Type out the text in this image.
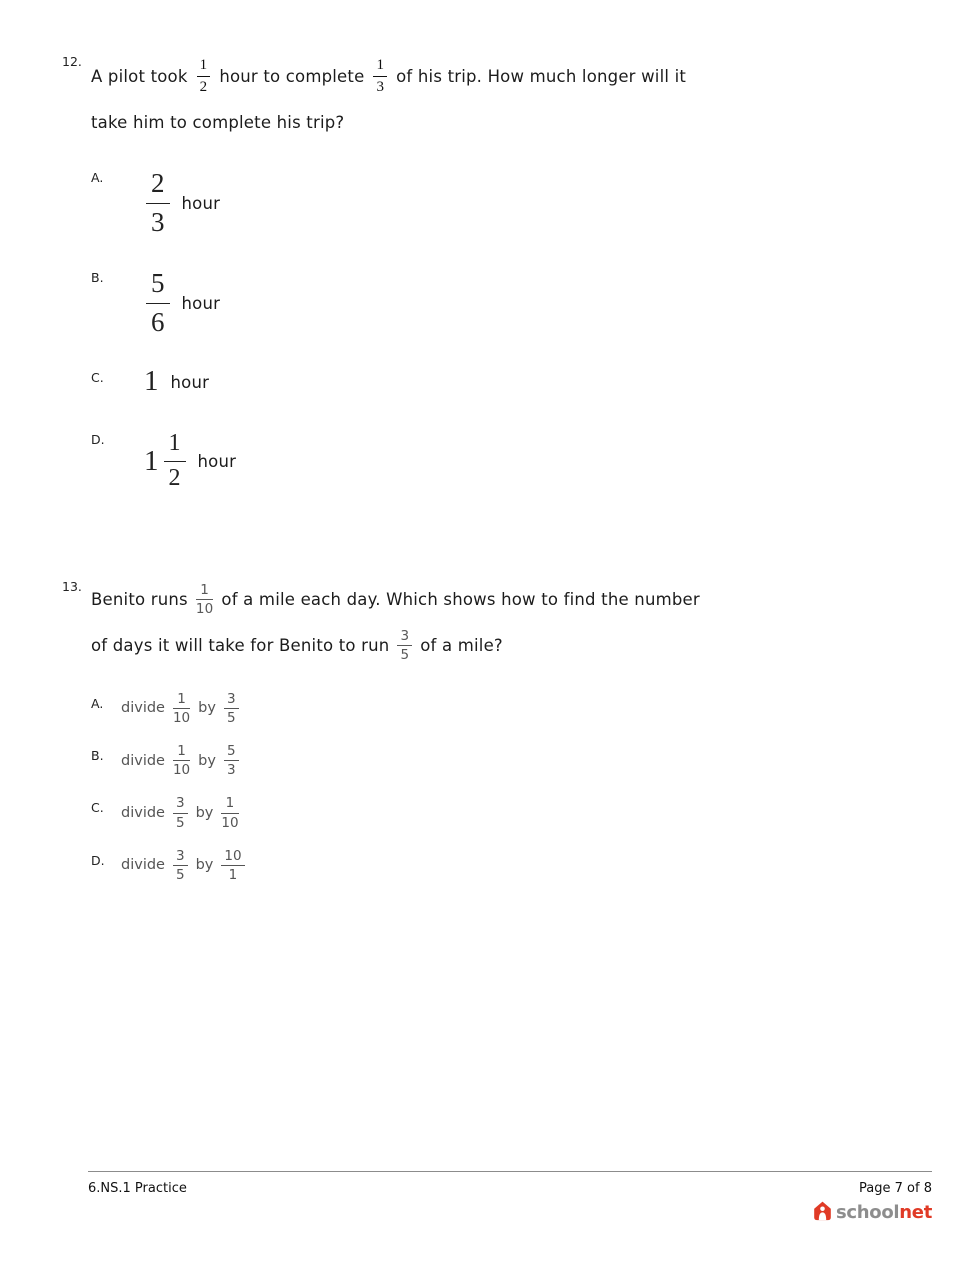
12.
A pilot took $\frac{1}{2}$ hour to complete $\frac{1}{3}$ of his trip. How much longer will it
take him to complete his trip?
A.	$\frac{2}{3}$ hour
B.	$\frac{5}{6}$ hour
C.	1 hour
D.
$1 \frac{1}{2}$ hour
13.
Benito runs $\frac{1}{10}$ of a mile each day. Which shows how to find the number
of days it will take for Benito to run $\frac{3}{5}$ of a mile?
A.	divide $\frac{1}{10}$ by $\frac{3}{5}$
B.	divide $\frac{1}{10}$ by $\frac{5}{3}$
C.	divide $\frac{3}{5}$ by $\frac{1}{10}$
D.	divide $\frac{3}{5}$ by $\frac{10}{1}$
6.NS.1 Practice	Page 7 of 8
schoolnet
